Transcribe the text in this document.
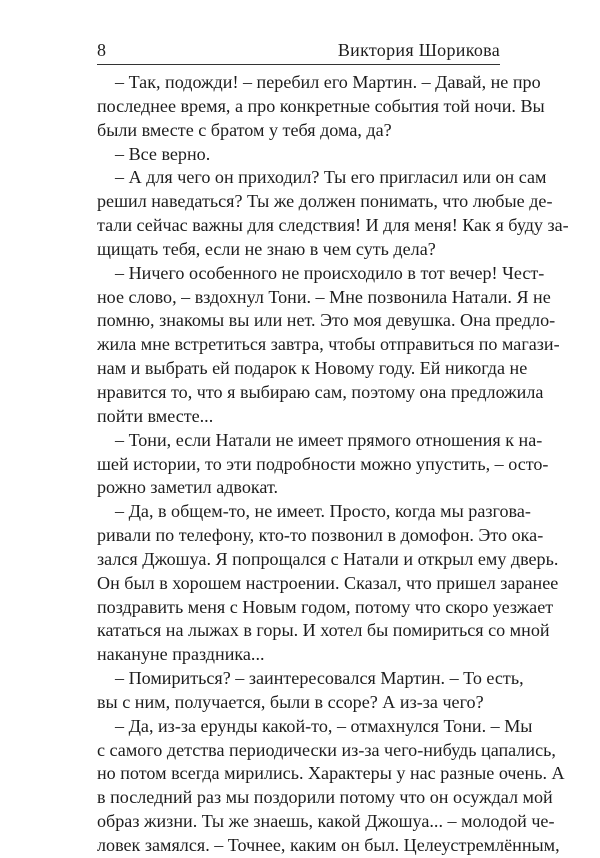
8	Виктория Шорикова
– Так, подожди! – перебил его Мартин. – Давай, не про
последнее время, а про конкретные события той ночи. Вы
были вместе с братом у тебя дома, да?
– Все верно.
– А для чего он приходил? Ты его пригласил или он сам
решил наведаться? Ты же должен понимать, что любые де-
тали сейчас важны для следствия! И для меня! Как я буду за-
щищать тебя, если не знаю в чем суть дела?
– Ничего особенного не происходило в тот вечер! Чест-
ное слово, – вздохнул Тони. – Мне позвонила Натали. Я не
помню, знакомы вы или нет. Это моя девушка. Она предло-
жила мне встретиться завтра, чтобы отправиться по магази-
нам и выбрать ей подарок к Новому году. Ей никогда не
нравится то, что я выбираю сам, поэтому она предложила
пойти вместе...
– Тони, если Натали не имеет прямого отношения к на-
шей истории, то эти подробности можно упустить, – осто-
рожно заметил адвокат.
– Да, в общем-то, не имеет. Просто, когда мы разгова-
ривали по телефону, кто-то позвонил в домофон. Это ока-
зался Джошуа. Я попрощался с Натали и открыл ему дверь.
Он был в хорошем настроении. Сказал, что пришел заранее
поздравить меня с Новым годом, потому что скоро уезжает
кататься на лыжах в горы. И хотел бы помириться со мной
накануне праздника...
– Помириться? – заинтересовался Мартин. – То есть,
вы с ним, получается, были в ссоре? А из-за чего?
– Да, из-за ерунды какой-то, – отмахнулся Тони. – Мы
с самого детства периодически из-за чего-нибудь цапались,
но потом всегда мирились. Характеры у нас разные очень. А
в последний раз мы поздорили потому что он осуждал мой
образ жизни. Ты же знаешь, какой Джошуа... – молодой че-
ловек замялся. – Точнее, каким он был. Целеустремлённым,
